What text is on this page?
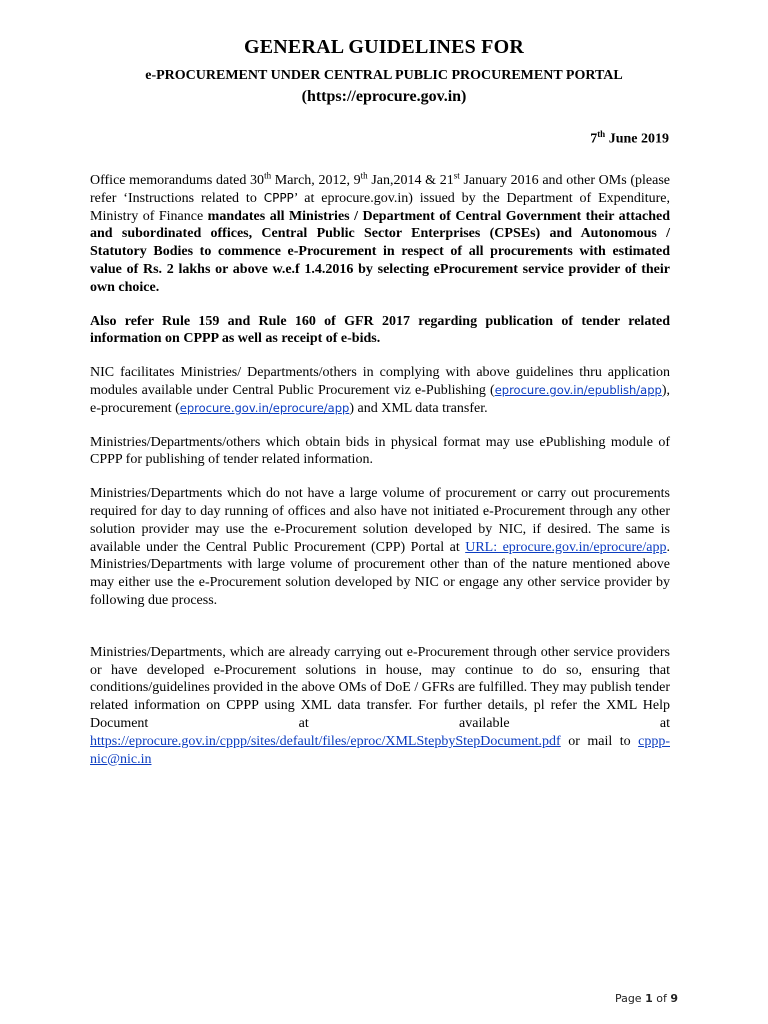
GENERAL GUIDELINES FOR
e-PROCUREMENT UNDER CENTRAL PUBLIC PROCUREMENT PORTAL
(https://eprocure.gov.in)
7th June 2019

Office memorandums dated 30th March, 2012, 9th Jan,2014 & 21st January 2016 and other OMs (please refer ‘Instructions related to CPPP’ at eprocure.gov.in) issued by the Department of Expenditure, Ministry of Finance mandates all Ministries / Department of Central Government their attached and subordinated offices, Central Public Sector Enterprises (CPSEs) and Autonomous / Statutory Bodies to commence e-Procurement in respect of all procurements with estimated value of Rs. 2 lakhs or above w.e.f 1.4.2016 by selecting eProcurement service provider of their own choice.

Also refer Rule 159 and Rule 160 of GFR 2017 regarding publication of tender related information on CPPP as well as receipt of e-bids.

NIC facilitates Ministries/ Departments/others in complying with above guidelines thru application modules available under Central Public Procurement viz e-Publishing (eprocure.gov.in/epublish/app), e-procurement (eprocure.gov.in/eprocure/app) and XML data transfer.

Ministries/Departments/others which obtain bids in physical format may use ePublishing module of CPPP for publishing of tender related information.

Ministries/Departments which do not have a large volume of procurement or carry out procurements required for day to day running of offices and also have not initiated e-Procurement through any other solution provider may use the e-Procurement solution developed by NIC, if desired. The same is available under the Central Public Procurement (CPP) Portal at URL: eprocure.gov.in/eprocure/app. Ministries/Departments with large volume of procurement other than of the nature mentioned above may either use the e-Procurement solution developed by NIC or engage any other service provider by following due process.

Ministries/Departments, which are already carrying out e-Procurement through other service providers or have developed e-Procurement solutions in house, may continue to do so, ensuring that conditions/guidelines provided in the above OMs of DoE / GFRs are fulfilled. They may publish tender related information on CPPP using XML data transfer. For further details, pl refer the XML Help Document at available at https://eprocure.gov.in/cppp/sites/default/files/eproc/XMLStepbyStepDocument.pdf or mail to cppp-nic@nic.in

Page 1 of 9
